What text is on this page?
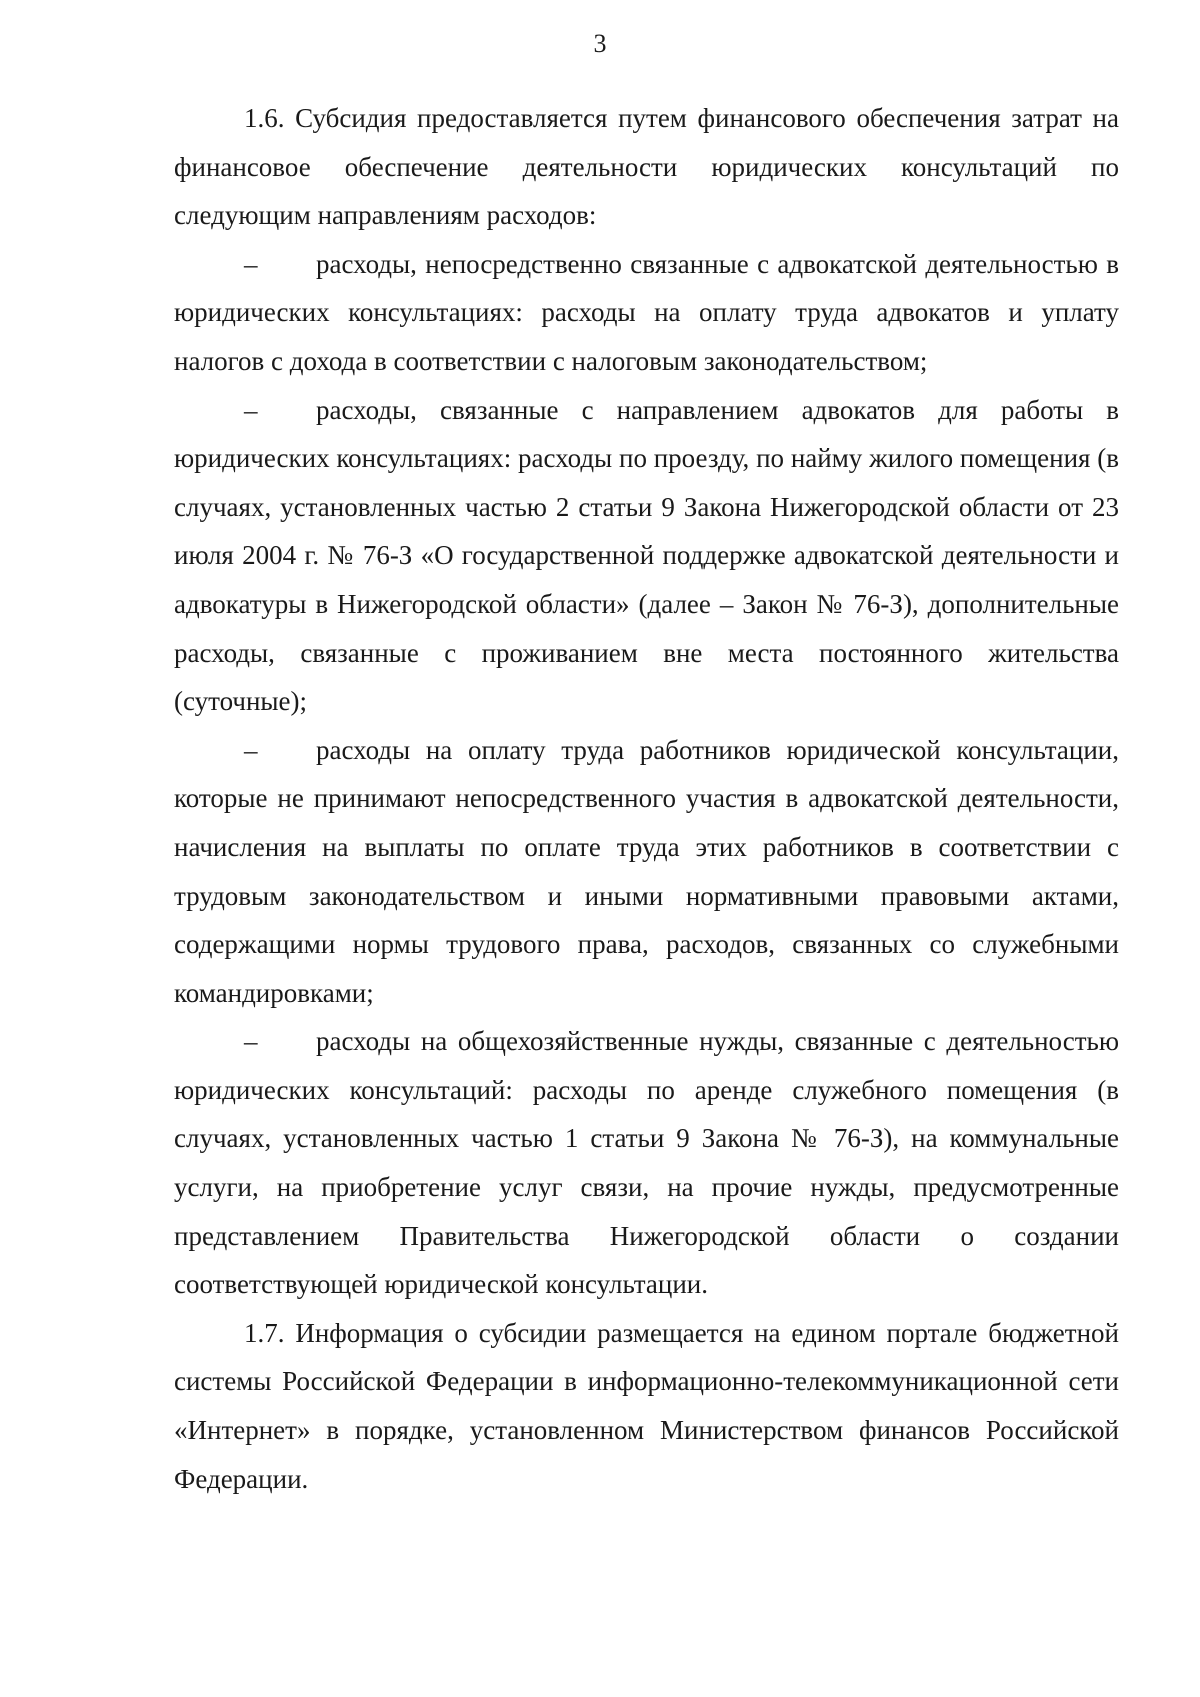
3

1.6. Субсидия предоставляется путем финансового обеспечения затрат на финансовое обеспечение деятельности юридических консультаций по следующим направлениям расходов:

– расходы, непосредственно связанные с адвокатской деятельностью в юридических консультациях: расходы на оплату труда адвокатов и уплату налогов с дохода в соответствии с налоговым законодательством;

– расходы, связанные с направлением адвокатов для работы в юридических консультациях: расходы по проезду, по найму жилого помещения (в случаях, установленных частью 2 статьи 9 Закона Нижегородской области от 23 июля 2004 г. № 76-З «О государственной поддержке адвокатской деятельности и адвокатуры в Нижегородской области» (далее – Закон № 76-З), дополнительные расходы, связанные с проживанием вне места постоянного жительства (суточные);

– расходы на оплату труда работников юридической консультации, которые не принимают непосредственного участия в адвокатской деятельности, начисления на выплаты по оплате труда этих работников в соответствии с трудовым законодательством и иными нормативными правовыми актами, содержащими нормы трудового права, расходов, связанных со служебными командировками;

– расходы на общехозяйственные нужды, связанные с деятельностью юридических консультаций: расходы по аренде служебного помещения (в случаях, установленных частью 1 статьи 9 Закона № 76-З), на коммунальные услуги, на приобретение услуг связи, на прочие нужды, предусмотренные представлением Правительства Нижегородской области о создании соответствующей юридической консультации.

1.7. Информация о субсидии размещается на едином портале бюджетной системы Российской Федерации в информационно-телекоммуникационной сети «Интернет» в порядке, установленном Министерством финансов Российской Федерации.
